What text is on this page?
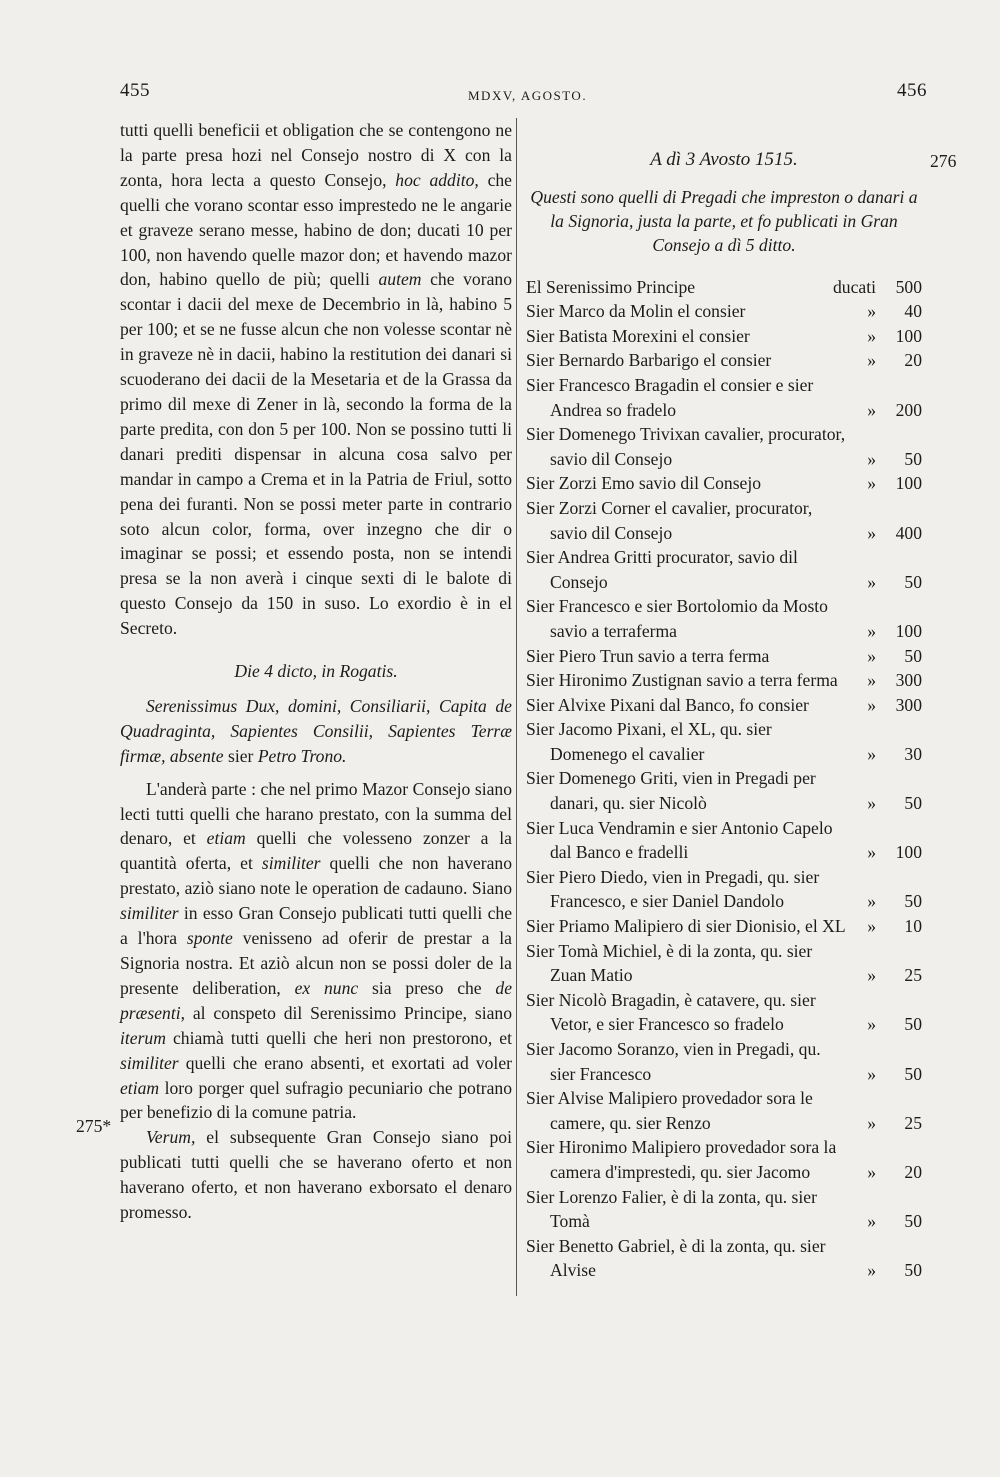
455	MDXV, AGOSTO.	456
276
275*

tutti quelli beneficii et obligation che se contengono ne la parte presa hozi nel Consejo nostro di X con la zonta, hora lecta a questo Consejo, hoc addito, che quelli che vorano scontar esso imprestedo ne le angarie et graveze serano messe, habino de don; ducati 10 per 100, non havendo quelle mazor don; et havendo mazor don, habino quello de più; quelli autem che vorano scontar i dacii del mexe de Decembrio in là, habino 5 per 100; et se ne fusse alcun che non volesse scontar nè in graveze nè in dacii, habino la restitution dei danari si scuoderano dei dacii de la Mesetaria et de la Grassa da primo dil mexe di Zener in là, secondo la forma de la parte predita, con don 5 per 100. Non se possino tutti li danari prediti dispensar in alcuna cosa salvo per mandar in campo a Crema et in la Patria de Friul, sotto pena dei furanti. Non se possi meter parte in contrario soto alcun color, forma, over inzegno che dir o imaginar se possi; et essendo posta, non se intendi presa se la non averà i cinque sexti di le balote di questo Consejo da 150 in suso. Lo exordio è in el Secreto.

Die 4 dicto, in Rogatis.

Serenissimus Dux, domini, Consiliarii, Capita de Quadraginta, Sapientes Consilii, Sapientes Terræ firmæ, absente sier Petro Trono.

L'anderà parte : che nel primo Mazor Consejo siano lecti tutti quelli che harano prestato, con la summa del denaro, et etiam quelli che volesseno zonzer a la quantità oferta, et similiter quelli che non haverano prestato, aziò siano note le operation de cadauno. Siano similiter in esso Gran Consejo publicati tutti quelli che a l'hora sponte venisseno ad oferir de prestar a la Signoria nostra. Et aziò alcun non se possi doler de la presente deliberation, ex nunc sia preso che de præsenti, al conspeto dil Serenissimo Principe, siano iterum chiamà tutti quelli che heri non prestorono, et similiter quelli che erano absenti, et exortati ad voler etiam loro porger quel sufragio pecuniario che potrano per benefizio di la comune patria.

Verum, el subsequente Gran Consejo siano poi publicati tutti quelli che se haverano oferto et non haverano oferto, et non haverano exborsato el denaro promesso.

A dì 3 Avosto 1515.
Questi sono quelli di Pregadi che impreston o danari a la Signoria, justa la parte, et fo publicati in Gran Consejo a dì 5 ditto.
El Serenissimo Principe	ducati	500
Sier Marco da Molin el consier	»	40
Sier Batista Morexini el consier	»	100
Sier Bernardo Barbarigo el consier	»	20
Sier Francesco Bragadin el consier e sier Andrea so fradelo	»	200
Sier Domenego Trivixan cavalier, procurator, savio dil Consejo	»	50
Sier Zorzi Emo savio dil Consejo	»	100
Sier Zorzi Corner el cavalier, procurator, savio dil Consejo	»	400
Sier Andrea Gritti procurator, savio dil Consejo	»	50
Sier Francesco e sier Bortolomio da Mosto savio a terraferma	»	100
Sier Piero Trun savio a terra ferma	»	50
Sier Hironimo Zustignan savio a terra ferma	»	300
Sier Alvixe Pixani dal Banco, fo consier	»	300
Sier Jacomo Pixani, el XL, qu. sier Domenego el cavalier	»	30
Sier Domenego Griti, vien in Pregadi per danari, qu. sier Nicolò	»	50
Sier Luca Vendramin e sier Antonio Capelo dal Banco e fradelli	»	100
Sier Piero Diedo, vien in Pregadi, qu. sier Francesco, e sier Daniel Dandolo	»	50
Sier Priamo Malipiero di sier Dionisio, el XL	»	10
Sier Tomà Michiel, è di la zonta, qu. sier Zuan Matio	»	25
Sier Nicolò Bragadin, è catavere, qu. sier Vetor, e sier Francesco so fradelo	»	50
Sier Jacomo Soranzo, vien in Pregadi, qu. sier Francesco	»	50
Sier Alvise Malipiero provedador sora le camere, qu. sier Renzo	»	25
Sier Hironimo Malipiero provedador sora la camera d'imprestedi, qu. sier Jacomo	»	20
Sier Lorenzo Falier, è di la zonta, qu. sier Tomà	»	50
Sier Benetto Gabriel, è di la zonta, qu. sier Alvise	»	50
